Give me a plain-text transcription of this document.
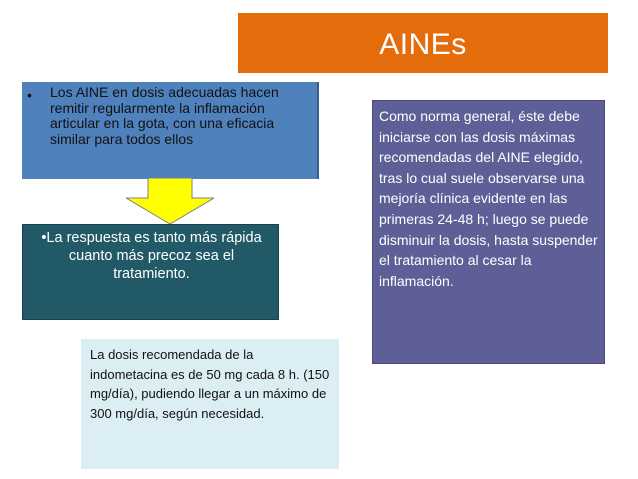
AINEs
• Los AINE en dosis adecuadas hacen remitir regularmente la inflamación articular en la gota, con una eficacia similar para todos ellos
•La respuesta es tanto más rápida cuanto más precoz sea el tratamiento.
Como norma general, éste debe iniciarse con las dosis máximas recomendadas del AINE elegido, tras lo cual suele observarse una mejoría clínica evidente en las primeras 24-48 h; luego se puede disminuir la dosis, hasta suspender el tratamiento al cesar la inflamación.
La dosis recomendada de la indometacina es de 50 mg cada 8 h. (150 mg/día), pudiendo llegar a un máximo de 300 mg/día, según necesidad.
